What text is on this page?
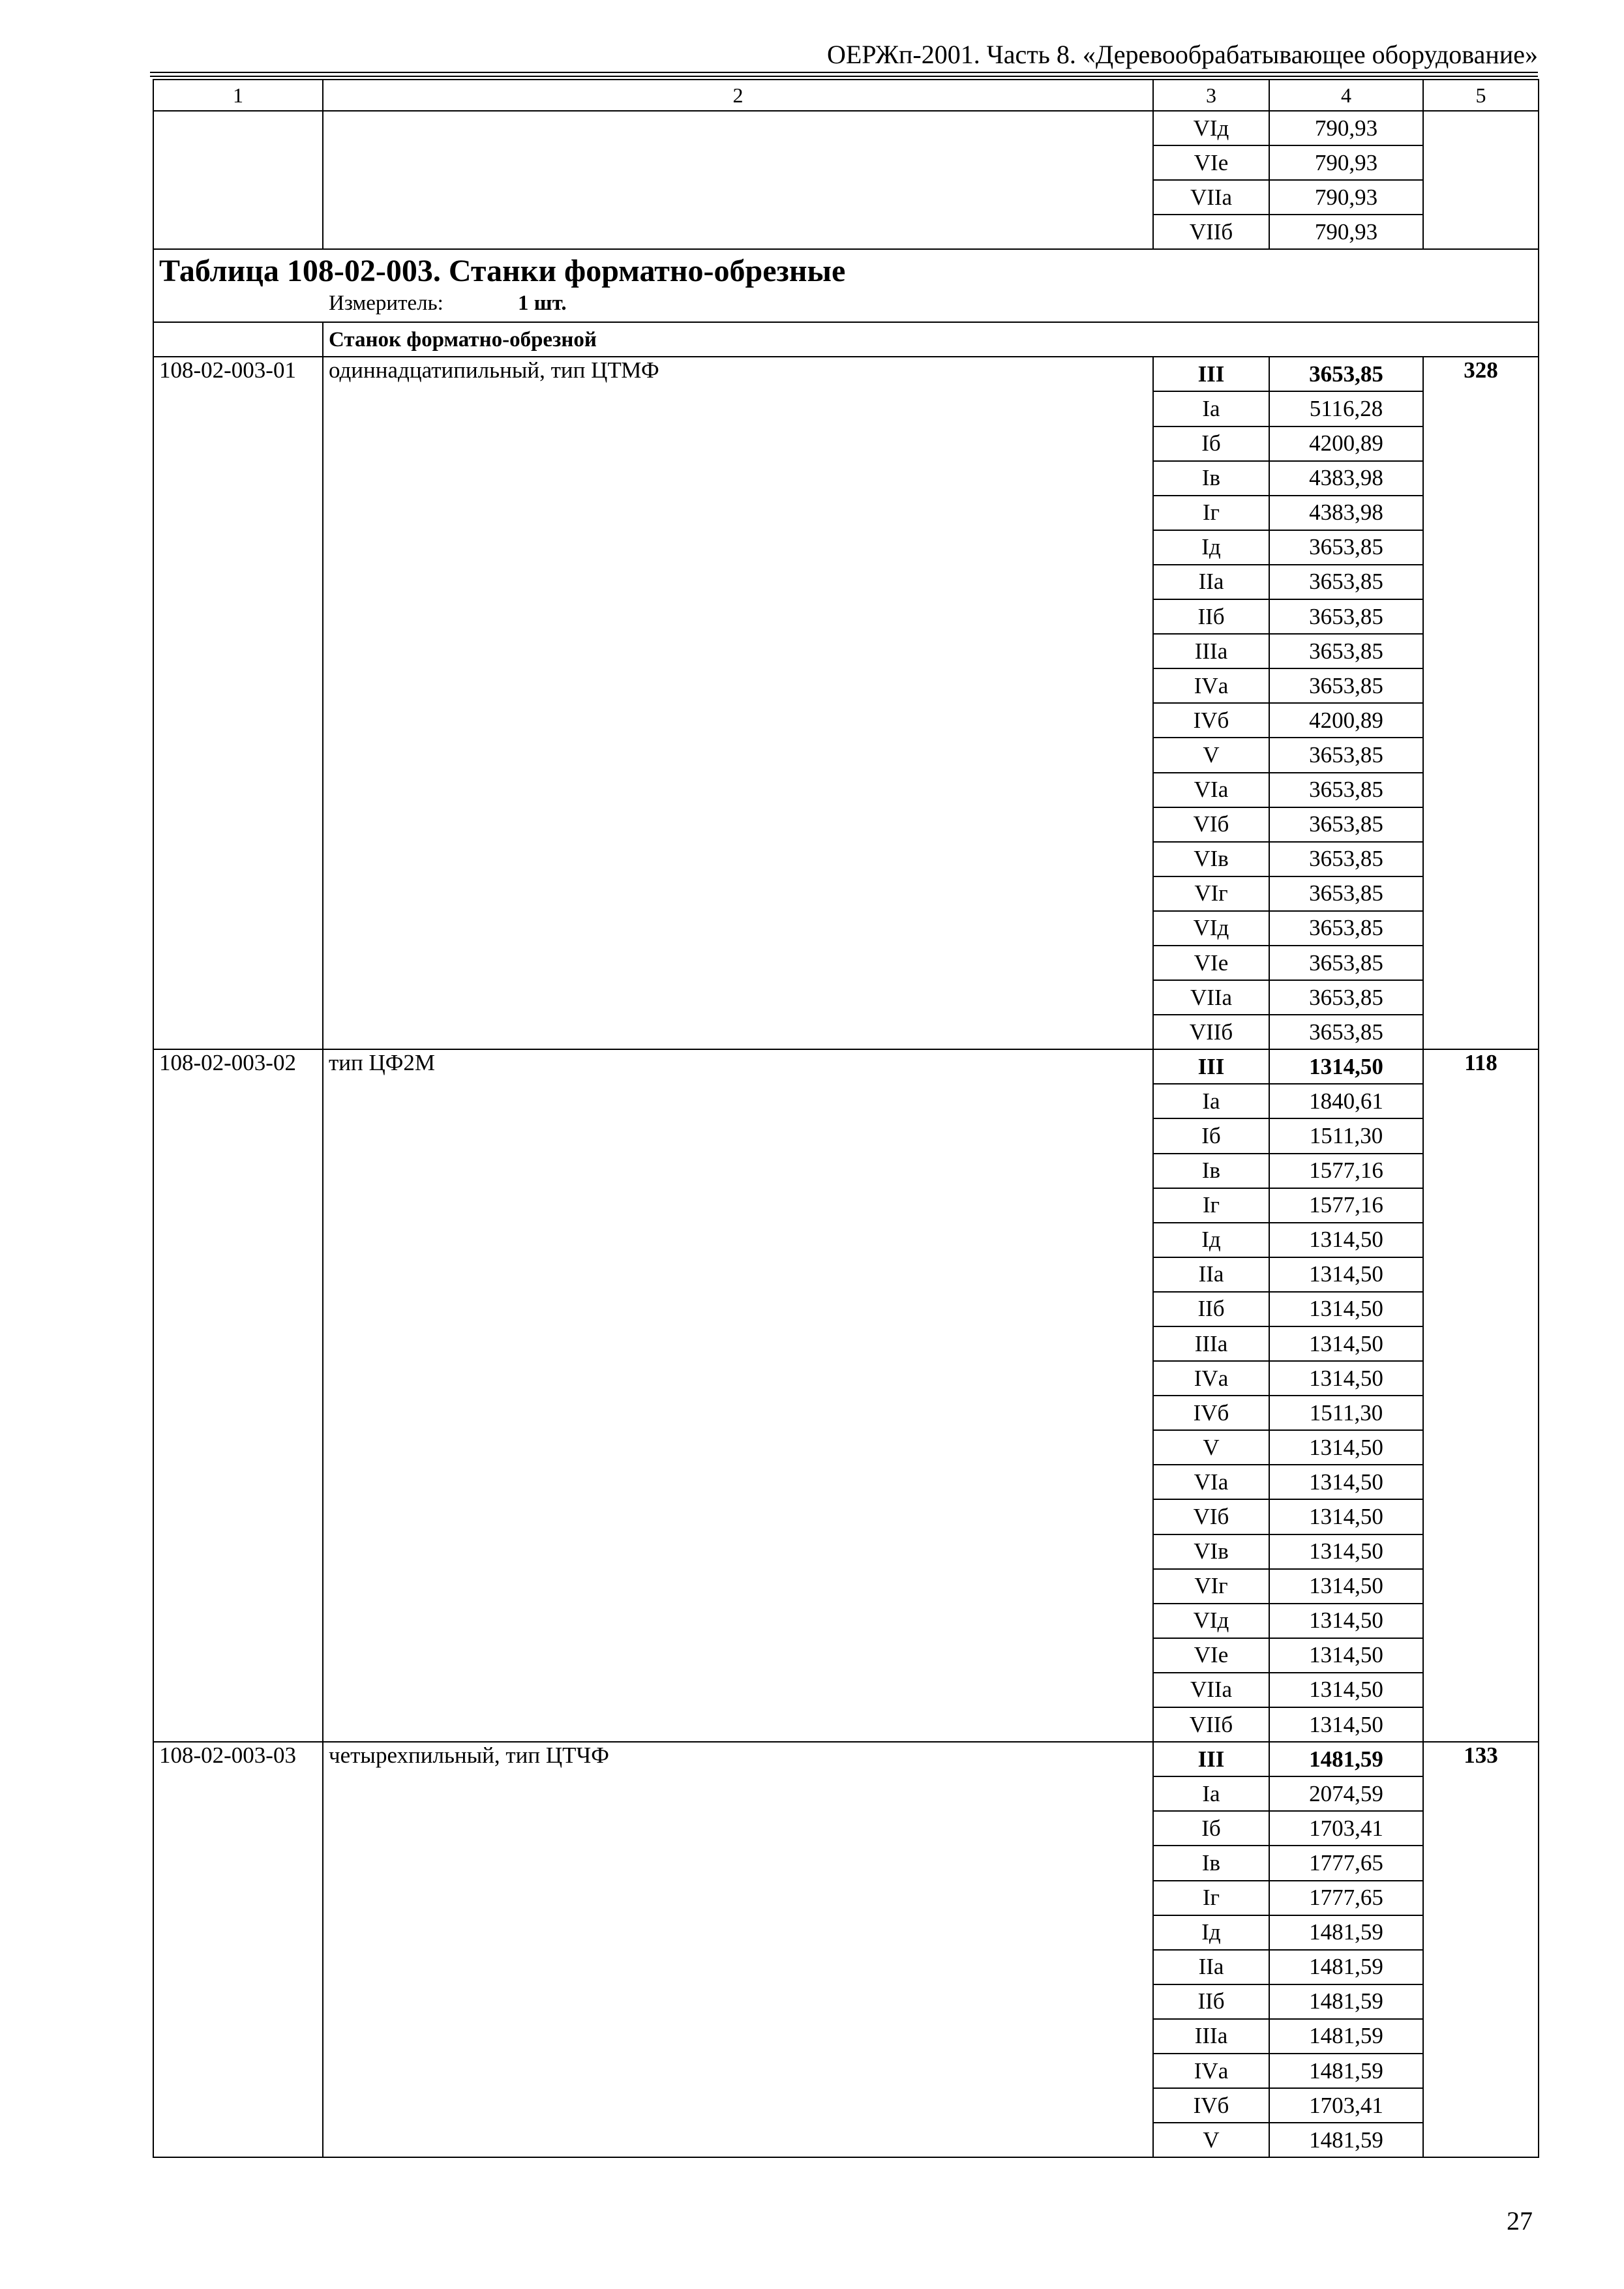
ОЕРЖп-2001. Часть 8. «Деревообрабатывающее оборудование»
1	2	3	4	5
		VIд	790,93	
		VIе	790,93	
		VIIа	790,93	
		VIIб	790,93	

Таблица 108-02-003. Станки форматно-обрезные
Измеритель: 1 шт.				

	Станок форматно-обрезной			
108-02-003-01	одиннадцатипильный, тип ЦТМФ	III	3653,85	328
		Iа	5116,28	
		Iб	4200,89	
		Iв	4383,98	
		Iг	4383,98	
		Iд	3653,85	
		IIа	3653,85	
		IIб	3653,85	
		IIIа	3653,85	
		IVа	3653,85	
		IVб	4200,89	
		V	3653,85	
		VIа	3653,85	
		VIб	3653,85	
		VIв	3653,85	
		VIг	3653,85	
		VIд	3653,85	
		VIе	3653,85	
		VIIа	3653,85	
		VIIб	3653,85	
108-02-003-02	тип ЦФ2М	III	1314,50	118
		Iа	1840,61	
		Iб	1511,30	
		Iв	1577,16	
		Iг	1577,16	
		Iд	1314,50	
		IIа	1314,50	
		IIб	1314,50	
		IIIа	1314,50	
		IVа	1314,50	
		IVб	1511,30	
		V	1314,50	
		VIа	1314,50	
		VIб	1314,50	
		VIв	1314,50	
		VIг	1314,50	
		VIд	1314,50	
		VIе	1314,50	
		VIIа	1314,50	
		VIIб	1314,50	
108-02-003-03	четырехпильный, тип ЦТЧФ	III	1481,59	133
		Iа	2074,59	
		Iб	1703,41	
		Iв	1777,65	
		Iг	1777,65	
		Iд	1481,59	
		IIа	1481,59	
		IIб	1481,59	
		IIIа	1481,59	
		IVа	1481,59	
		IVб	1703,41	
		V	1481,59	
27
